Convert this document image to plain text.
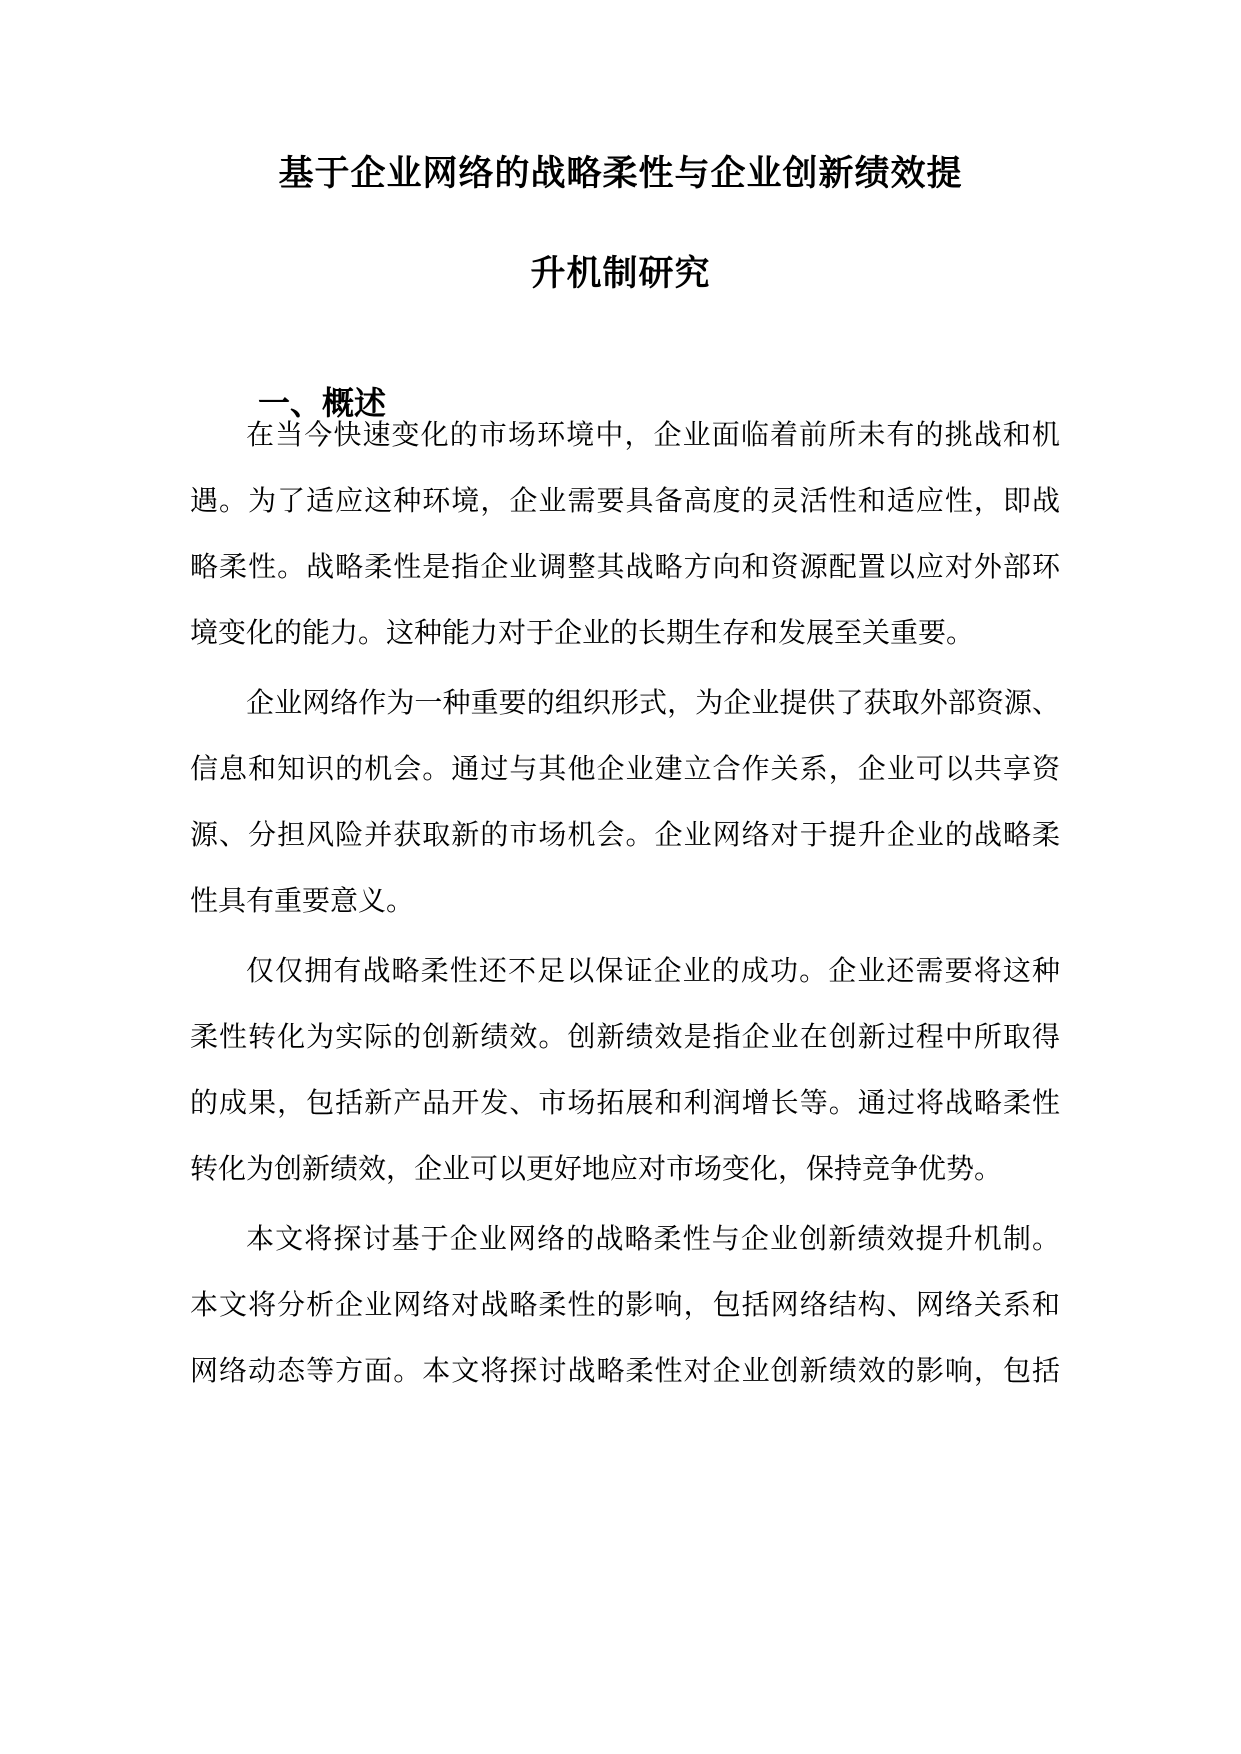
基于企业网络的战略柔性与企业创新绩效提
升机制研究
一、概述
在当今快速变化的市场环境中，企业面临着前所未有的挑战和机
遇。为了适应这种环境，企业需要具备高度的灵活性和适应性，即战
略柔性。战略柔性是指企业调整其战略方向和资源配置以应对外部环
境变化的能力。这种能力对于企业的长期生存和发展至关重要。
企业网络作为一种重要的组织形式，为企业提供了获取外部资源、
信息和知识的机会。通过与其他企业建立合作关系，企业可以共享资
源、分担风险并获取新的市场机会。企业网络对于提升企业的战略柔
性具有重要意义。
仅仅拥有战略柔性还不足以保证企业的成功。企业还需要将这种
柔性转化为实际的创新绩效。创新绩效是指企业在创新过程中所取得
的成果，包括新产品开发、市场拓展和利润增长等。通过将战略柔性
转化为创新绩效，企业可以更好地应对市场变化，保持竞争优势。
本文将探讨基于企业网络的战略柔性与企业创新绩效提升机制。
本文将分析企业网络对战略柔性的影响，包括网络结构、网络关系和
网络动态等方面。本文将探讨战略柔性对企业创新绩效的影响，包括
